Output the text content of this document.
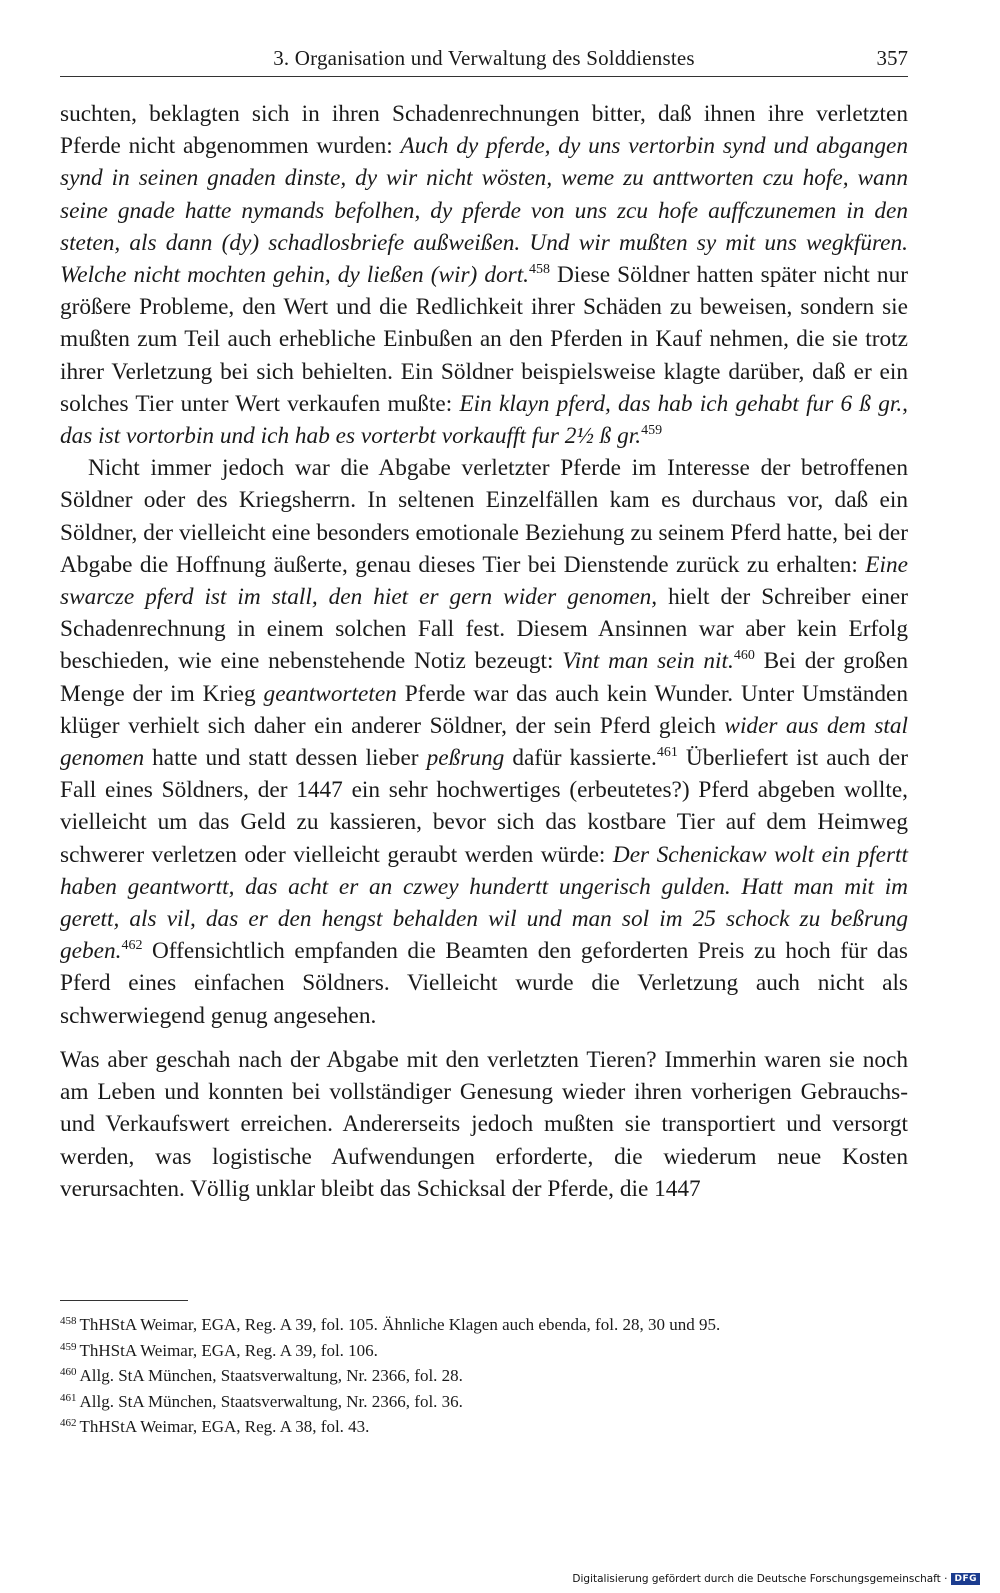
3. Organisation und Verwaltung des Solddienstes	357

suchten, beklagten sich in ihren Schadenrechnungen bitter, daß ihnen ihre verletzten Pferde nicht abgenommen wurden: Auch dy pferde, dy uns vertorbin synd und abgangen synd in seinen gnaden dinste, dy wir nicht wösten, weme zu anttworten czu hofe, wann seine gnade hatte nymands befolhen, dy pferde von uns zcu hofe auffczunemen in den steten, als dann (dy) schadlosbriefe außweißen. Und wir mußten sy mit uns wegkfüren. Welche nicht mochten gehin, dy ließen (wir) dort.$^{458}$ Diese Söldner hatten später nicht nur größere Probleme, den Wert und die Redlichkeit ihrer Schäden zu beweisen, sondern sie mußten zum Teil auch erhebliche Einbußen an den Pferden in Kauf nehmen, die sie trotz ihrer Verletzung bei sich behielten. Ein Söldner beispielsweise klagte darüber, daß er ein solches Tier unter Wert verkaufen mußte: Ein klayn pferd, das hab ich gehabt fur 6 ß gr., das ist vortorbin und ich hab es vorterbt vorkaufft fur 2½ ß gr.$^{459}$

Nicht immer jedoch war die Abgabe verletzter Pferde im Interesse der betroffenen Söldner oder des Kriegsherrn. In seltenen Einzelfällen kam es durchaus vor, daß ein Söldner, der vielleicht eine besonders emotionale Beziehung zu seinem Pferd hatte, bei der Abgabe die Hoffnung äußerte, genau dieses Tier bei Dienstende zurück zu erhalten: Eine swarcze pferd ist im stall, den hiet er gern wider genomen, hielt der Schreiber einer Schadenrechnung in einem solchen Fall fest. Diesem Ansinnen war aber kein Erfolg beschieden, wie eine nebenstehende Notiz bezeugt: Vint man sein nit.$^{460}$ Bei der großen Menge der im Krieg geantworteten Pferde war das auch kein Wunder. Unter Umständen klüger verhielt sich daher ein anderer Söldner, der sein Pferd gleich wider aus dem stal genomen hatte und statt dessen lieber peßrung dafür kassierte.$^{461}$ Überliefert ist auch der Fall eines Söldners, der 1447 ein sehr hochwertiges (erbeutetes?) Pferd abgeben wollte, vielleicht um das Geld zu kassieren, bevor sich das kostbare Tier auf dem Heimweg schwerer verletzen oder vielleicht geraubt werden würde: Der Schenickaw wolt ein pfertt haben geantwortt, das acht er an czwey hundertt ungerisch gulden. Hatt man mit im gerett, als vil, das er den hengst behalden wil und man sol im 25 schock zu beßrung geben.$^{462}$ Offensichtlich empfanden die Beamten den geforderten Preis zu hoch für das Pferd eines einfachen Söldners. Vielleicht wurde die Verletzung auch nicht als schwerwiegend genug angesehen.

Was aber geschah nach der Abgabe mit den verletzten Tieren? Immerhin waren sie noch am Leben und konnten bei vollständiger Genesung wieder ihren vorherigen Gebrauchs- und Verkaufswert erreichen. Andererseits jedoch mußten sie transportiert und versorgt werden, was logistische Aufwendungen erforderte, die wiederum neue Kosten verursachten. Völlig unklar bleibt das Schicksal der Pferde, die 1447

$^{458}$ ThHStA Weimar, EGA, Reg. A 39, fol. 105. Ähnliche Klagen auch ebenda, fol. 28, 30 und 95.
$^{459}$ ThHStA Weimar, EGA, Reg. A 39, fol. 106.
$^{460}$ Allg. StA München, Staatsverwaltung, Nr. 2366, fol. 28.
$^{461}$ Allg. StA München, Staatsverwaltung, Nr. 2366, fol. 36.
$^{462}$ ThHStA Weimar, EGA, Reg. A 38, fol. 43.
Digitalisierung gefördert durch die Deutsche Forschungsgemeinschaft · DFG
